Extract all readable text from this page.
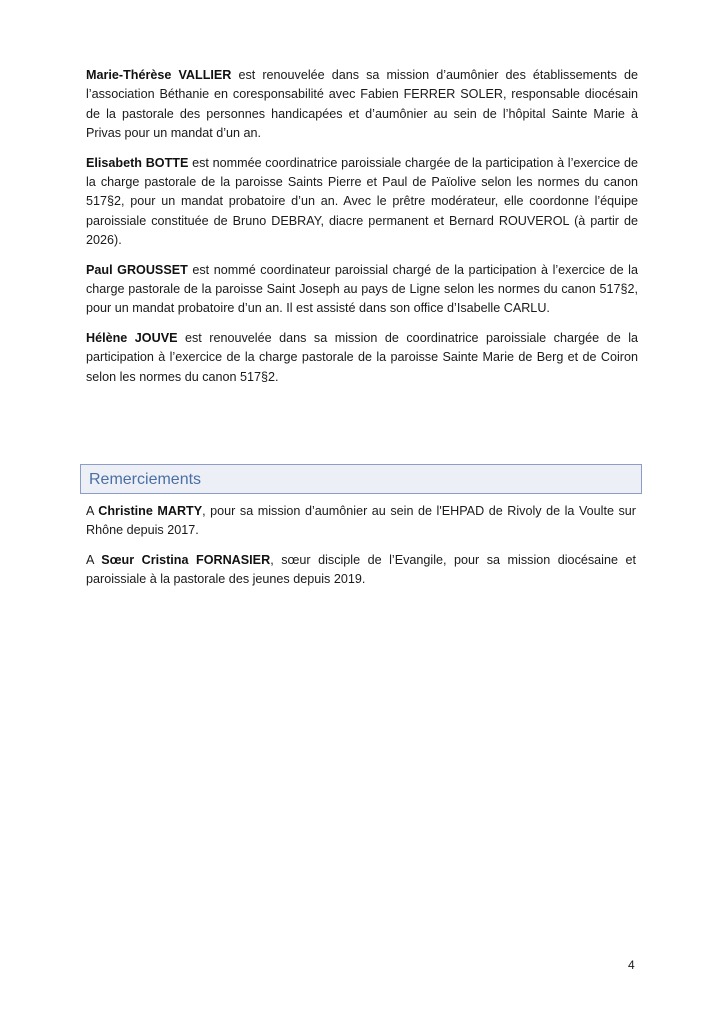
Marie-Thérèse VALLIER est renouvelée dans sa mission d’aumônier des établissements de l’association Béthanie en coresponsabilité avec Fabien FERRER SOLER, responsable diocésain de la pastorale des personnes handicapées et d’aumônier au sein de l’hôpital Sainte Marie à Privas pour un mandat d’un an.

Elisabeth BOTTE est nommée coordinatrice paroissiale chargée de la participation à l’exercice de la charge pastorale de la paroisse Saints Pierre et Paul de Païolive selon les normes du canon 517§2, pour un mandat probatoire d’un an. Avec le prêtre modérateur, elle coordonne l’équipe paroissiale constituée de Bruno DEBRAY, diacre permanent et Bernard ROUVEROL (à partir de 2026).

Paul GROUSSET est nommé coordinateur paroissial chargé de la participation à l’exercice de la charge pastorale de la paroisse Saint Joseph au pays de Ligne selon les normes du canon 517§2, pour un mandat probatoire d’un an. Il est assisté dans son office d’Isabelle CARLU.

Hélène JOUVE est renouvelée dans sa mission de coordinatrice paroissiale chargée de la participation à l’exercice de la charge pastorale de la paroisse Sainte Marie de Berg et de Coiron selon les normes du canon 517§2.

Remerciements

A Christine MARTY, pour sa mission d’aumônier au sein de l'EHPAD de Rivoly de la Voulte sur Rhône depuis 2017.

A Sœur Cristina FORNASIER, sœur disciple de l’Evangile, pour sa mission diocésaine et paroissiale à la pastorale des jeunes depuis 2019.

4
